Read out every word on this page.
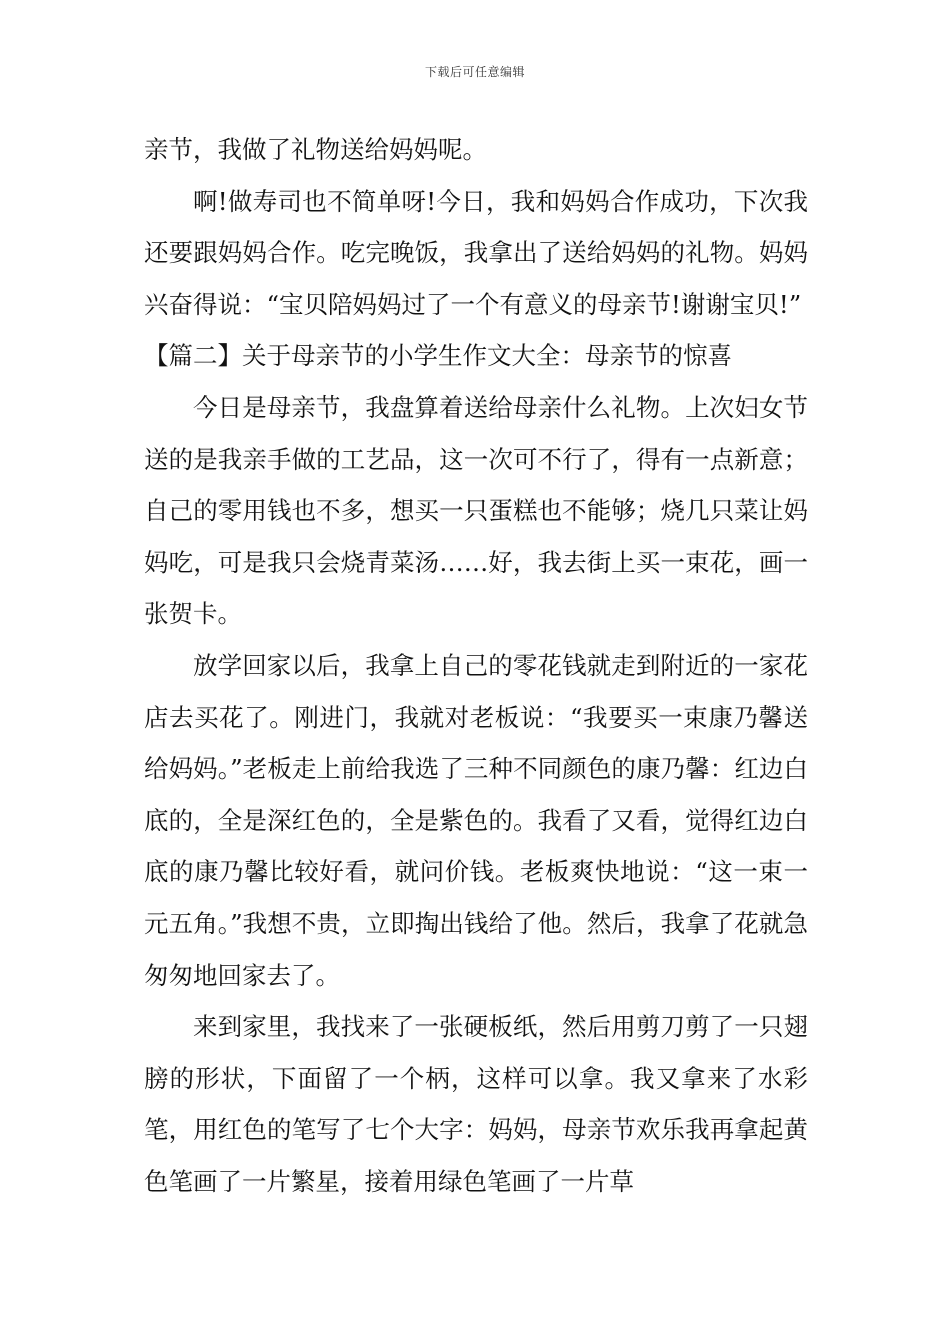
下载后可任意编辑

亲节，我做了礼物送给妈妈呢。

啊!做寿司也不简单呀!今日，我和妈妈合作成功，下次我还要跟妈妈合作。吃完晚饭，我拿出了送给妈妈的礼物。妈妈兴奋得说：“宝贝陪妈妈过了一个有意义的母亲节!谢谢宝贝!”

【篇二】关于母亲节的小学生作文大全：母亲节的惊喜

今日是母亲节，我盘算着送给母亲什么礼物。上次妇女节送的是我亲手做的工艺品，这一次可不行了，得有一点新意；自己的零用钱也不多，想买一只蛋糕也不能够；烧几只菜让妈妈吃，可是我只会烧青菜汤……好，我去街上买一束花，画一张贺卡。

放学回家以后，我拿上自己的零花钱就走到附近的一家花店去买花了。刚进门，我就对老板说：“我要买一束康乃馨送给妈妈。”老板走上前给我选了三种不同颜色的康乃馨：红边白底的，全是深红色的，全是紫色的。我看了又看，觉得红边白底的康乃馨比较好看，就问价钱。老板爽快地说：“这一束一元五角。”我想不贵，立即掏出钱给了他。然后，我拿了花就急匆匆地回家去了。

来到家里，我找来了一张硬板纸，然后用剪刀剪了一只翅膀的形状，下面留了一个柄，这样可以拿。我又拿来了水彩笔，用红色的笔写了七个大字：妈妈，母亲节欢乐我再拿起黄色笔画了一片繁星，接着用绿色笔画了一片草
